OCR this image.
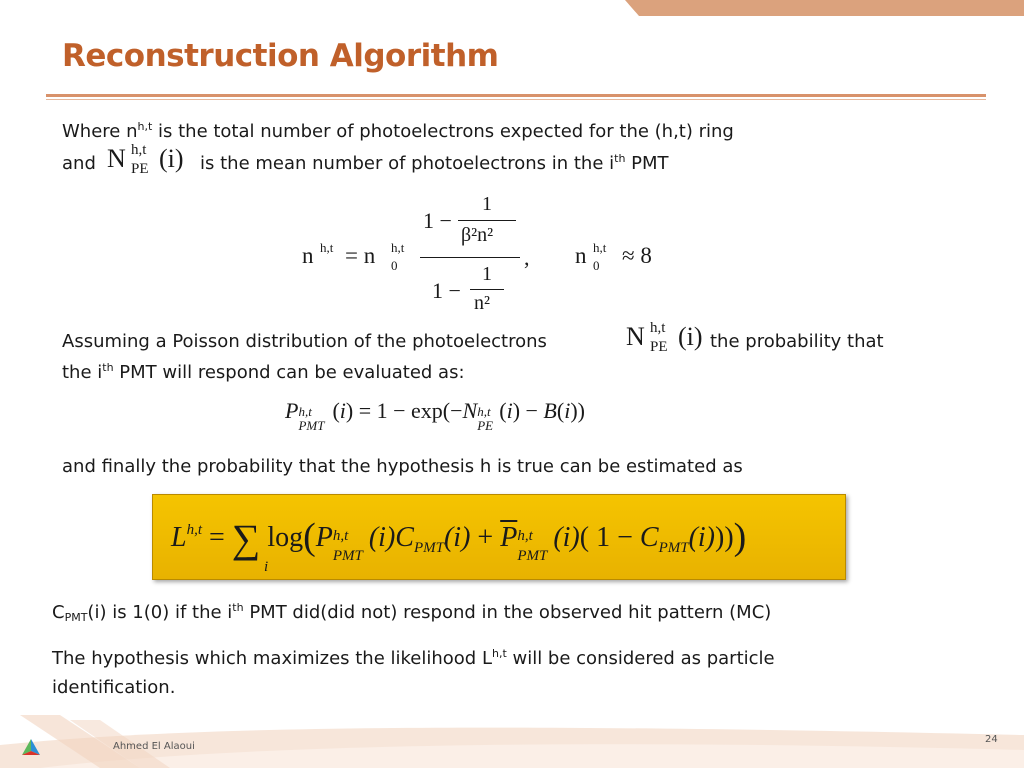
Reconstruction Algorithm
Where $n^{h,t}$ is the total number of photoelectrons expected for the (h,t) ring
and N h,t
PE (i) is the mean number of photoelectrons in the $i^{th}$ PMT
n h,t = n h,t
0
1 −
1
β²n²
1 −
1
n²
, n h,t
0 ≈ 8
Assuming a Poisson distribution of the photoelectrons	N h,t
PE (i) the probability that
the $i^{th}$ PMT will respond can be evaluated as:
P h,t
PMT
(i) = 1 − exp(−N h,t
PE
(i) − B(i))
and finally the probability that the hypothesis h is true can be estimated as
L$^{h,t}$ = ∑ log(P h,t
PMT
$(i)C_{PMT}(i) + \overline{P}$ h,t
PMT
(i)( $1 - C_{PMT}(i)$)))
i
$C_{PMT}(i)$ is 1(0) if the $i^{th}$ PMT did(did not) respond in the observed hit pattern (MC)
The hypothesis which maximizes the likelihood L$^{h,t}$ will be considered as particle
identification.
Ahmed El Alaoui
24
